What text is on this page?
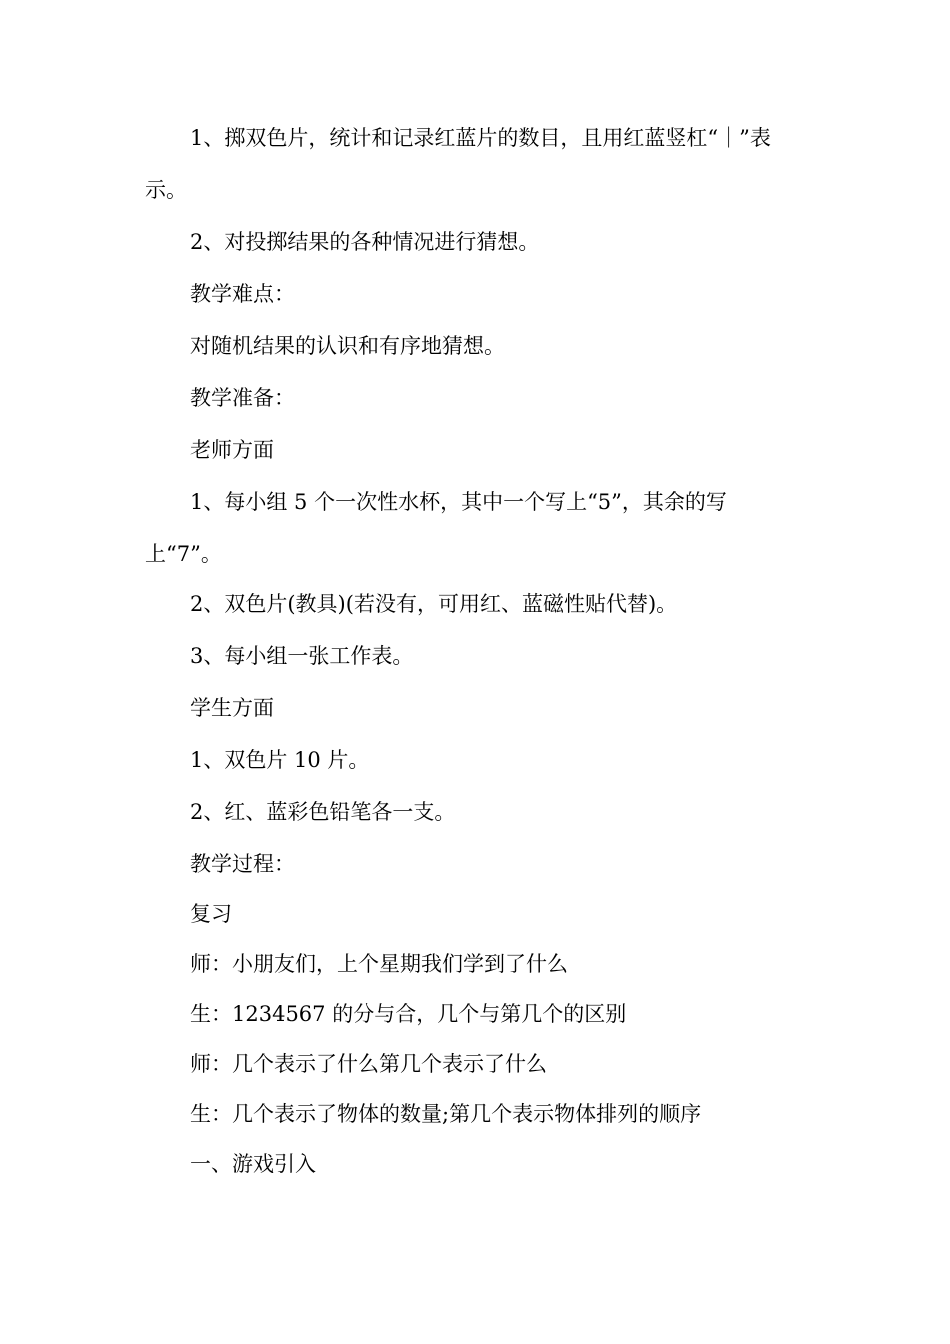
1、掷双色片，统计和记录红蓝片的数目，且用红蓝竖杠“｜”表
示。
2、对投掷结果的各种情况进行猜想。
教学难点：
对随机结果的认识和有序地猜想。
教学准备：
老师方面
1、每小组 5 个一次性水杯，其中一个写上“5”，其余的写
上“7”。
2、双色片(教具)(若没有，可用红、蓝磁性贴代替)。
3、每小组一张工作表。
学生方面
1、双色片 10 片。
2、红、蓝彩色铅笔各一支。
教学过程：
复习
师：小朋友们，上个星期我们学到了什么
生：1234567 的分与合，几个与第几个的区别
师：几个表示了什么第几个表示了什么
生：几个表示了物体的数量;第几个表示物体排列的顺序
一、游戏引入
